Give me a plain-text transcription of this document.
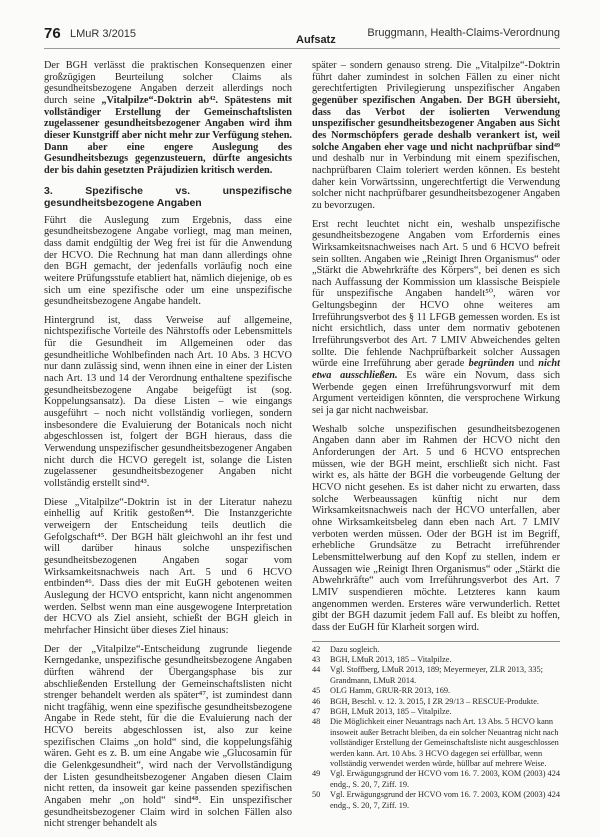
76 LMuR 3/2015	Aufsatz
Bruggmann, Health-Claims-Verordnung

Der BGH verlässt die praktischen Konsequenzen einer großzügigen Beurteilung solcher Claims als gesundheitsbezogene Angaben derzeit allerdings noch durch seine „Vitalpilze“-Doktrin ab⁴². Spätestens mit vollständiger Erstellung der Gemeinschaftslisten zugelassener gesundheitsbezogener Angaben wird ihm dieser Kunstgriff aber nicht mehr zur Verfügung stehen. Dann aber eine engere Auslegung des Gesundheitsbezugs gegenzusteuern, dürfte angesichts der bis dahin gesetzten Präjudizien kritisch werden.

3. Spezifische vs. unspezifische gesundheitsbezogene Angaben

Führt die Auslegung zum Ergebnis, dass eine gesundheitsbezogene Angabe vorliegt, mag man meinen, dass damit endgültig der Weg frei ist für die Anwendung der HCVO. Die Rechnung hat man dann allerdings ohne den BGH gemacht, der jedenfalls vorläufig noch eine weitere Prüfungsstufe etabliert hat, nämlich diejenige, ob es sich um eine spezifische oder um eine unspezifische gesundheitsbezogene Angabe handelt.

Hintergrund ist, dass Verweise auf allgemeine, nichtspezifische Vorteile des Nährstoffs oder Lebensmittels für die Gesundheit im Allgemeinen oder das gesundheitliche Wohlbefinden nach Art. 10 Abs. 3 HCVO nur dann zulässig sind, wenn ihnen eine in einer der Listen nach Art. 13 und 14 der Verordnung enthaltene spezifische gesundheitsbezogene Angabe beigefügt ist (sog. Koppelungsansatz). Da diese Listen – wie eingangs ausgeführt – noch nicht vollständig vorliegen, sondern insbesondere die Evaluierung der Botanicals noch nicht abgeschlossen ist, folgert der BGH hieraus, dass die Verwendung unspezifischer gesundheitsbezogener Angaben nicht durch die HCVO geregelt ist, solange die Listen zugelassener gesundheitsbezogener Angaben nicht vollständig erstellt sind⁴³.

Diese „Vitalpilze“-Doktrin ist in der Literatur nahezu einhellig auf Kritik gestoßen⁴⁴. Die Instanzgerichte verweigern der Entscheidung teils deutlich die Gefolgschaft⁴⁵. Der BGH hält gleichwohl an ihr fest und will darüber hinaus solche unspezifischen gesundheitsbezogenen Angaben sogar vom Wirksamkeitsnachweis nach Art. 5 und 6 HCVO entbinden⁴⁶. Dass dies der mit EuGH gebotenen weiten Auslegung der HCVO entspricht, kann nicht angenommen werden. Selbst wenn man eine ausgewogene Interpretation der HCVO als Ziel ansieht, schießt der BGH gleich in mehrfacher Hinsicht über dieses Ziel hinaus:

Der der „Vitalpilze“-Entscheidung zugrunde liegende Kerngedanke, unspezifische gesundheitsbezogene Angaben dürften während der Übergangsphase bis zur abschließenden Erstellung der Gemeinschaftslisten nicht strenger behandelt werden als später⁴⁷, ist zumindest dann nicht tragfähig, wenn eine spezifische gesundheitsbezogene Angabe in Rede steht, für die die Evaluierung nach der HCVO bereits abgeschlossen ist, also zur keine spezifischen Claims „on hold“ sind, die koppelungsfähig wären. Geht es z. B. um eine Angabe wie „Glucosamin für die Gelenkgesundheit“, wird nach der Vervollständigung der Listen gesundheitsbezogener Angaben diesen Claim nicht retten, da insoweit gar keine passenden spezifischen Angaben mehr „on hold“ sind⁴⁸. Ein unspezifischer gesundheitsbezogener Claim wird in solchen Fällen also nicht strenger behandelt als

später – sondern genauso streng. Die „Vitalpilze“-Doktrin führt daher zumindest in solchen Fällen zu einer nicht gerechtfertigten Privilegierung unspezifischer Angaben gegenüber spezifischen Angaben. Der BGH übersieht, dass das Verbot der isolierten Verwendung unspezifischer gesundheitsbezogener Angaben aus Sicht des Normschöpfers gerade deshalb verankert ist, weil solche Angaben eher vage und nicht nachprüfbar sind⁴⁹ und deshalb nur in Verbindung mit einem spezifischen, nachprüfbaren Claim toleriert werden können. Es besteht daher kein Vorwärtssinn, ungerechtfertigt die Verwendung solcher nicht nachprüfbarer gesundheitsbezogener Angaben zu bevorzugen.

Erst recht leuchtet nicht ein, weshalb unspezifische gesundheitsbezogene Angaben vom Erfordernis eines Wirksamkeitsnachweises nach Art. 5 und 6 HCVO befreit sein sollten. Angaben wie „Reinigt Ihren Organismus“ oder „Stärkt die Abwehrkräfte des Körpers“, bei denen es sich nach Auffassung der Kommission um klassische Beispiele für unspezifische Angaben handelt⁵⁰, wären vor Geltungsbeginn der HCVO ohne weiteres am Irreführungsverbot des § 11 LFGB gemessen worden. Es ist nicht ersichtlich, dass unter dem normativ gebotenen Irreführungsverbot des Art. 7 LMIV Abweichendes gelten sollte. Die fehlende Nachprüfbarkeit solcher Aussagen würde eine Irreführung aber gerade begründen und nicht etwa ausschließen. Es wäre ein Novum, dass sich Werbende gegen einen Irreführungsvorwurf mit dem Argument verteidigen könnten, die versprochene Wirkung sei ja gar nicht nachweisbar.

Weshalb solche unspezifischen gesundheitsbezogenen Angaben dann aber im Rahmen der HCVO nicht den Anforderungen der Art. 5 und 6 HCVO entsprechen müssen, wie der BGH meint, erschließt sich nicht. Fast wirkt es, als hätte der BGH die vorbeugende Geltung der HCVO nicht gesehen. Es ist daher nicht zu erwarten, dass solche Werbeaussagen künftig nicht nur dem Wirksamkeitsnachweis nach der HCVO unterfallen, aber ohne Wirksamkeitsbeleg dann eben nach Art. 7 LMIV verboten werden müssen. Oder der BGH ist im Begriff, erhebliche Grundsätze zu Betracht irreführender Lebensmittelwerbung auf den Kopf zu stellen, indem er Aussagen wie „Reinigt Ihren Organismus“ oder „Stärkt die Abwehrkräfte“ auch vom Irreführungsverbot des Art. 7 LMIV suspendieren möchte. Letzteres kann kaum angenommen werden. Ersteres wäre verwunderlich. Rettet gibt der BGH dazumit jedem Fall auf. Es bleibt zu hoffen, dass der EuGH für Klarheit sorgen wird.

42	Dazu sogleich.
43	BGH, LMuR 2013, 185 – Vitalpilze.
44	Vgl. Stoffberg, LMuR 2013, 189; Meyermeyer, ZLR 2013, 335; Grandmann, LMuR 2014.
45	OLG Hamm, GRUR-RR 2013, 169.
46	BGH, Beschl. v. 12. 3. 2015, I ZR 29/13 – RESCUE-Produkte.
47	BGH, LMuR 2013, 185 – Vitalpilze.
48	Die Möglichkeit einer Neuantrags nach Art. 13 Abs. 5 HCVO kann insoweit außer Betracht bleiben, da ein solcher Neuantrag nicht nach vollständiger Erstellung der Gemeinschaftsliste nicht ausgeschlossen werden kann. Art. 10 Abs. 3 HCVO dagegen sei erfüllbar, wenn vollständig verwendet werden würde, hüllbar auf mehrere Weise.
49	Vgl. Erwägungsgrund der HCVO vom 16. 7. 2003, KOM (2003) 424 endg., S. 20, 7, Ziff. 19.
50	Vgl. Erwägungsgrund der HCVO vom 16. 7. 2003, KOM (2003) 424 endg., S. 20, 7, Ziff. 19.
